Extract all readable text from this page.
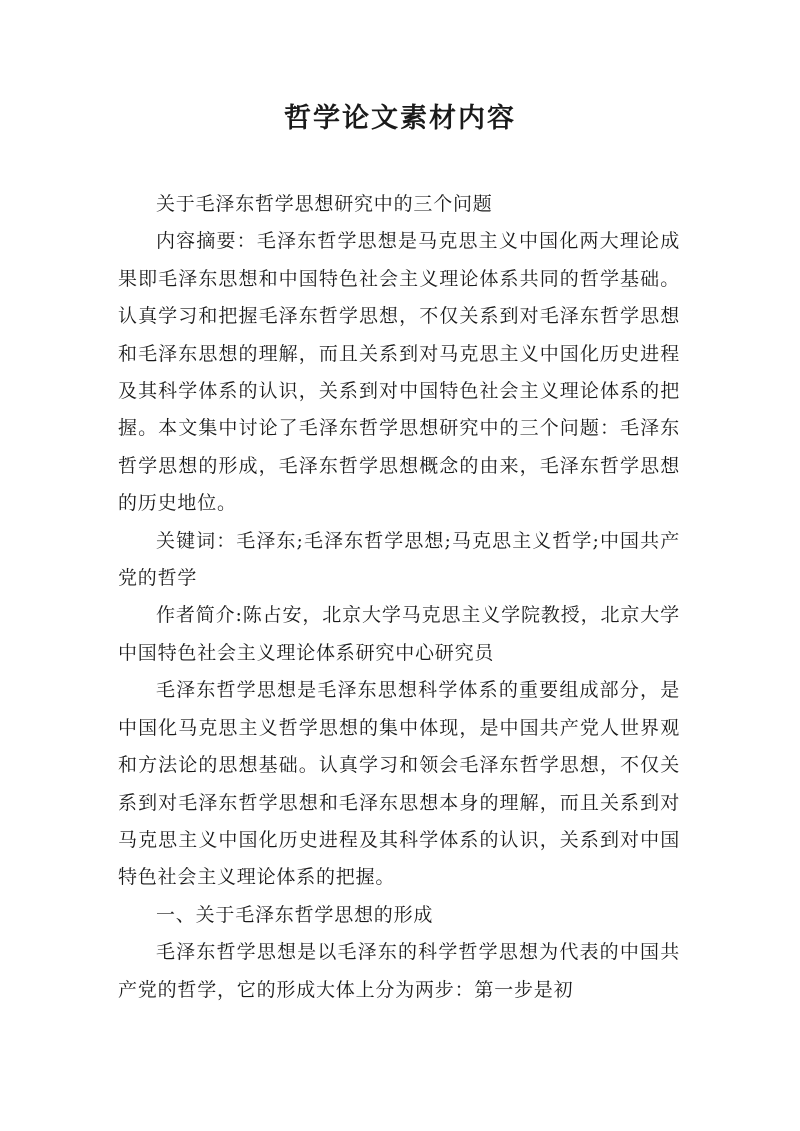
哲学论文素材内容

关于毛泽东哲学思想研究中的三个问题

内容摘要：毛泽东哲学思想是马克思主义中国化两大理论成果即毛泽东思想和中国特色社会主义理论体系共同的哲学基础。认真学习和把握毛泽东哲学思想，不仅关系到对毛泽东哲学思想和毛泽东思想的理解，而且关系到对马克思主义中国化历史进程及其科学体系的认识，关系到对中国特色社会主义理论体系的把握。本文集中讨论了毛泽东哲学思想研究中的三个问题：毛泽东哲学思想的形成，毛泽东哲学思想概念的由来，毛泽东哲学思想的历史地位。

关键词：毛泽东;毛泽东哲学思想;马克思主义哲学;中国共产党的哲学

作者简介:陈占安，北京大学马克思主义学院教授，北京大学中国特色社会主义理论体系研究中心研究员

毛泽东哲学思想是毛泽东思想科学体系的重要组成部分，是中国化马克思主义哲学思想的集中体现，是中国共产党人世界观和方法论的思想基础。认真学习和领会毛泽东哲学思想，不仅关系到对毛泽东哲学思想和毛泽东思想本身的理解，而且关系到对马克思主义中国化历史进程及其科学体系的认识，关系到对中国特色社会主义理论体系的把握。

一、关于毛泽东哲学思想的形成

毛泽东哲学思想是以毛泽东的科学哲学思想为代表的中国共产党的哲学，它的形成大体上分为两步：第一步是初
